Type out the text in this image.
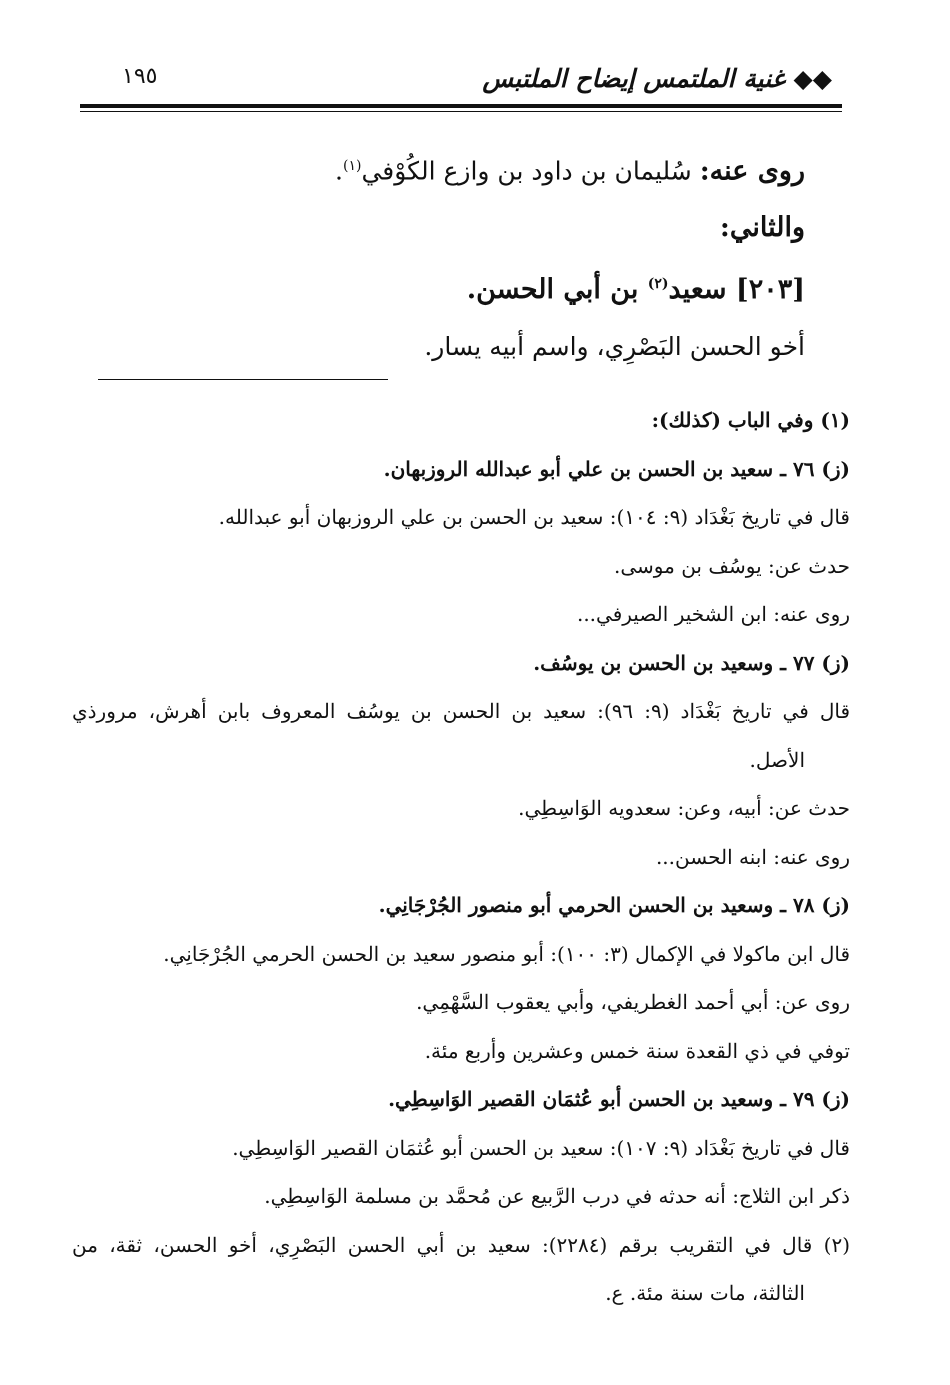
◆◆ غنية الملتمس إيضاح الملتبس
١٩٥

روى عنه: سُليمان بن داود بن وازع الكُوْفي$^{(١)}$.

والثاني:

[٢٠٣] سعيد$^{(٢)}$ بن أبي الحسن.

أخو الحسن البَصْرِي، واسم أبيه يسار.

(١) وفي الباب (كذلك):

(ز) ٧٦ ـ سعيد بن الحسن بن علي أبو عبدالله الروزبهان.

قال في تاريخ بَغْدَاد (٩: ١٠٤): سعيد بن الحسن بن علي الروزبهان أبو عبدالله.

حدث عن: يوسُف بن موسى.

روى عنه: ابن الشخير الصيرفي...

(ز) ٧٧ ـ وسعيد بن الحسن بن يوسُف.

قال في تاريخ بَغْدَاد (٩: ٩٦): سعيد بن الحسن بن يوسُف المعروف بابن أهرش، مرورذي

الأصل.

حدث عن: أبيه، وعن: سعدويه الوَاسِطِي.

روى عنه: ابنه الحسن...

(ز) ٧٨ ـ وسعيد بن الحسن الحرمي أبو منصور الجُرْجَانِي.

قال ابن ماكولا في الإكمال (٣: ١٠٠): أبو منصور سعيد بن الحسن الحرمي الجُرْجَانِي.

روى عن: أبي أحمد الغطريفي، وأبي يعقوب السَّهْمِي.

توفي في ذي القعدة سنة خمس وعشرين وأربع مئة.

(ز) ٧٩ ـ وسعيد بن الحسن أبو عُثمَان القصير الوَاسِطِي.

قال في تاريخ بَغْدَاد (٩: ١٠٧): سعيد بن الحسن أبو عُثمَان القصير الوَاسِطِي.

ذكر ابن الثلاج: أنه حدثه في درب الرَّبيع عن مُحمَّد بن مسلمة الوَاسِطِي.

(٢) قال في التقريب برقم (٢٢٨٤): سعيد بن أبي الحسن البَصْرِي، أخو الحسن، ثقة، من

الثالثة، مات سنة مئة. ع.
